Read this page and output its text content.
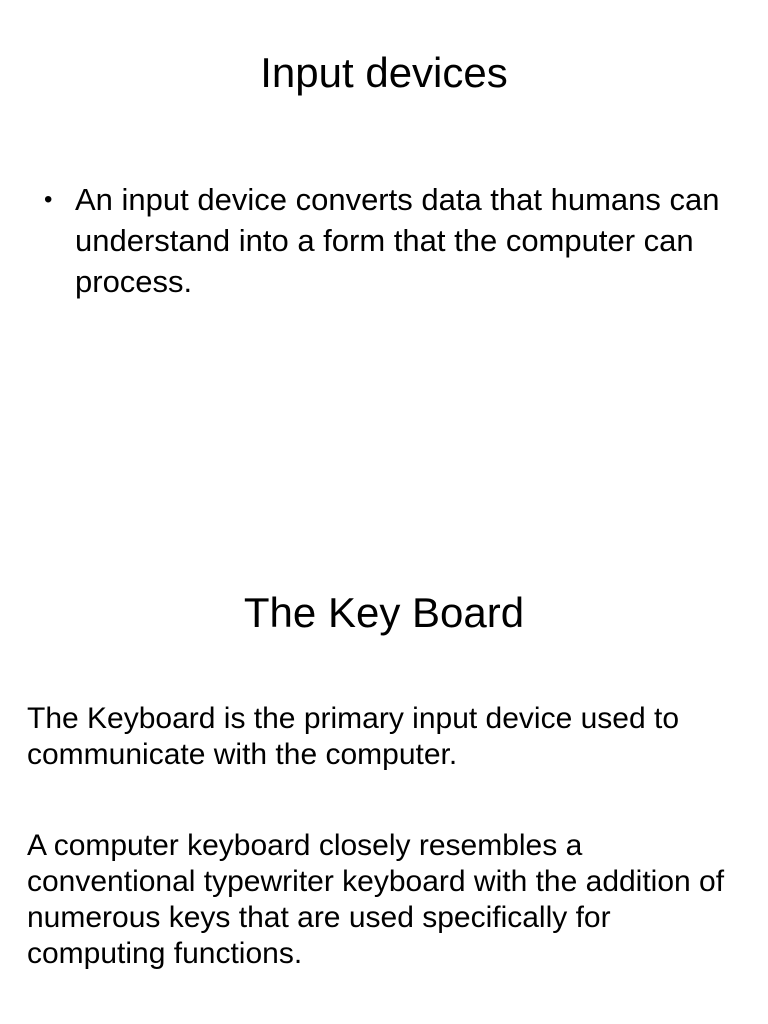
Input devices
• An input device converts data that humans can understand into a form that the computer can process.
The Key Board

The Keyboard is the primary input device used to communicate with the computer.

A computer keyboard closely resembles a conventional typewriter keyboard with the addition of numerous keys that are used specifically for computing functions.
